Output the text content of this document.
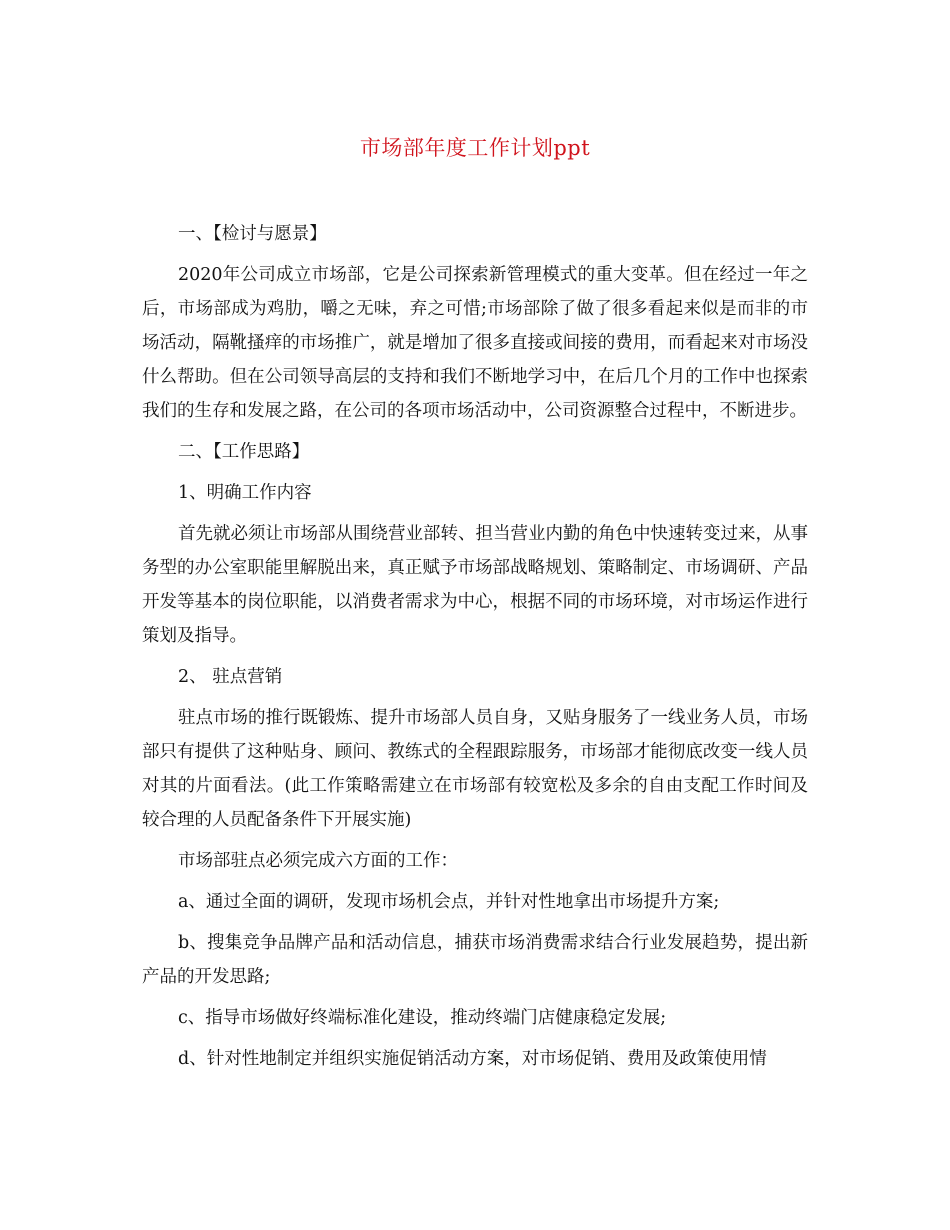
市场部年度工作计划ppt

一、【检讨与愿景】

2020年公司成立市场部，它是公司探索新管理模式的重大变革。但在经过一年之后，市场部成为鸡肋，嚼之无味，弃之可惜;市场部除了做了很多看起来似是而非的市场活动，隔靴搔痒的市场推广，就是增加了很多直接或间接的费用，而看起来对市场没什么帮助。但在公司领导高层的支持和我们不断地学习中，在后几个月的工作中也探索我们的生存和发展之路，在公司的各项市场活动中，公司资源整合过程中，不断进步。

二、【工作思路】

1、明确工作内容

首先就必须让市场部从围绕营业部转、担当营业内勤的角色中快速转变过来，从事务型的办公室职能里解脱出来，真正赋予市场部战略规划、策略制定、市场调研、产品开发等基本的岗位职能，以消费者需求为中心，根据不同的市场环境，对市场运作进行策划及指导。

2、 驻点营销

驻点市场的推行既锻炼、提升市场部人员自身，又贴身服务了一线业务人员，市场部只有提供了这种贴身、顾问、教练式的全程跟踪服务，市场部才能彻底改变一线人员对其的片面看法。(此工作策略需建立在市场部有较宽松及多余的自由支配工作时间及较合理的人员配备条件下开展实施)

市场部驻点必须完成六方面的工作：

a、通过全面的调研，发现市场机会点，并针对性地拿出市场提升方案;

b、搜集竞争品牌产品和活动信息，捕获市场消费需求结合行业发展趋势，提出新产品的开发思路;

c、指导市场做好终端标准化建设，推动终端门店健康稳定发展;

d、针对性地制定并组织实施促销活动方案，对市场促销、费用及政策使用情
